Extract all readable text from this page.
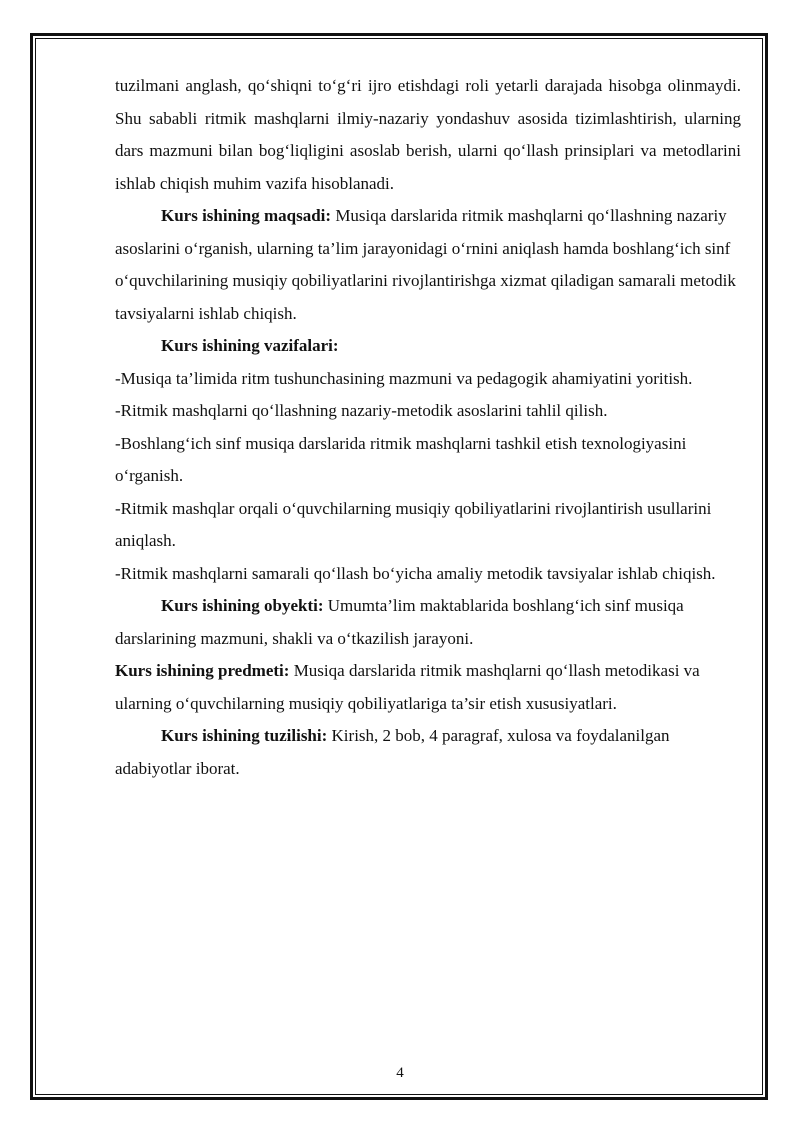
tuzilmani anglash, qo‘shiqni to‘g‘ri ijro etishdagi roli yetarli darajada hisobga olinmaydi. Shu sababli ritmik mashqlarni ilmiy-nazariy yondashuv asosida tizimlashtirish, ularning dars mazmuni bilan bog‘liqligini asoslab berish, ularni qo‘llash prinsiplari va metodlarini ishlab chiqish muhim vazifa hisoblanadi.

Kurs ishining maqsadi: Musiqa darslarida ritmik mashqlarni qo‘llashning nazariy asoslarini o‘rganish, ularning ta’lim jarayonidagi o‘rnini aniqlash hamda boshlang‘ich sinf o‘quvchilarining musiqiy qobiliyatlarini rivojlantirishga xizmat qiladigan samarali metodik tavsiyalarni ishlab chiqish.

Kurs ishining vazifalari:

-Musiqa ta’limida ritm tushunchasining mazmuni va pedagogik ahamiyatini yoritish.

-Ritmik mashqlarni qo‘llashning nazariy-metodik asoslarini tahlil qilish.

-Boshlang‘ich sinf musiqa darslarida ritmik mashqlarni tashkil etish texnologiyasini o‘rganish.

-Ritmik mashqlar orqali o‘quvchilarning musiqiy qobiliyatlarini rivojlantirish usullarini aniqlash.

-Ritmik mashqlarni samarali qo‘llash bo‘yicha amaliy metodik tavsiyalar ishlab chiqish.

Kurs ishining obyekti: Umumta’lim maktablarida boshlang‘ich sinf musiqa darslarining mazmuni, shakli va o‘tkazilish jarayoni.

Kurs ishining predmeti: Musiqa darslarida ritmik mashqlarni qo‘llash metodikasi va ularning o‘quvchilarning musiqiy qobiliyatlariga ta’sir etish xususiyatlari.

Kurs ishining tuzilishi: Kirish, 2 bob, 4 paragraf, xulosa va foydalanilgan adabiyotlar iborat.

4
